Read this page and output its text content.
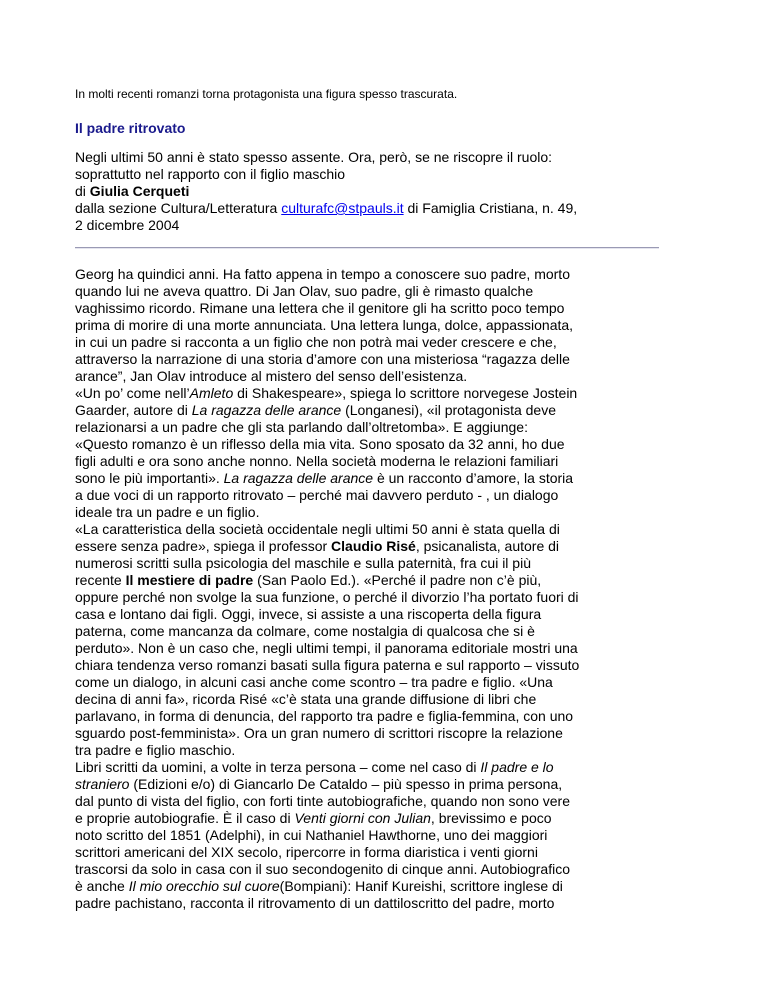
In molti recenti romanzi torna protagonista una figura spesso trascurata.
Il padre ritrovato
Negli ultimi 50 anni è stato spesso assente. Ora, però, se ne riscopre il ruolo:
soprattutto nel rapporto con il figlio maschio
di Giulia Cerqueti
dalla sezione Cultura/Letteratura culturafc@stpauls.it di Famiglia Cristiana, n. 49,
2 dicembre 2004
Georg ha quindici anni. Ha fatto appena in tempo a conoscere suo padre, morto
quando lui ne aveva quattro. Di Jan Olav, suo padre, gli è rimasto qualche
vaghissimo ricordo. Rimane una lettera che il genitore gli ha scritto poco tempo
prima di morire di una morte annunciata. Una lettera lunga, dolce, appassionata,
in cui un padre si racconta a un figlio che non potrà mai veder crescere e che,
attraverso la narrazione di una storia d’amore con una misteriosa “ragazza delle
arance”, Jan Olav introduce al mistero del senso dell’esistenza.
«Un po’ come nell’Amleto di Shakespeare», spiega lo scrittore norvegese Jostein
Gaarder, autore di La ragazza delle arance (Longanesi), «il protagonista deve
relazionarsi a un padre che gli sta parlando dall’oltretomba». E aggiunge:
«Questo romanzo è un riflesso della mia vita. Sono sposato da 32 anni, ho due
figli adulti e ora sono anche nonno. Nella società moderna le relazioni familiari
sono le più importanti». La ragazza delle arance è un racconto d’amore, la storia
a due voci di un rapporto ritrovato – perché mai davvero perduto - , un dialogo
ideale tra un padre e un figlio.
«La caratteristica della società occidentale negli ultimi 50 anni è stata quella di
essere senza padre», spiega il professor Claudio Risé, psicanalista, autore di
numerosi scritti sulla psicologia del maschile e sulla paternità, fra cui il più
recente Il mestiere di padre (San Paolo Ed.). «Perché il padre non c’è più,
oppure perché non svolge la sua funzione, o perché il divorzio l’ha portato fuori di
casa e lontano dai figli. Oggi, invece, si assiste a una riscoperta della figura
paterna, come mancanza da colmare, come nostalgia di qualcosa che si è
perduto». Non è un caso che, negli ultimi tempi, il panorama editoriale mostri una
chiara tendenza verso romanzi basati sulla figura paterna e sul rapporto – vissuto
come un dialogo, in alcuni casi anche come scontro – tra padre e figlio. «Una
decina di anni fa», ricorda Risé «c’è stata una grande diffusione di libri che
parlavano, in forma di denuncia, del rapporto tra padre e figlia-femmina, con uno
sguardo post-femminista». Ora un gran numero di scrittori riscopre la relazione
tra padre e figlio maschio.
Libri scritti da uomini, a volte in terza persona – come nel caso di Il padre e lo
straniero (Edizioni e/o) di Giancarlo De Cataldo – più spesso in prima persona,
dal punto di vista del figlio, con forti tinte autobiografiche, quando non sono vere
e proprie autobiografie. È il caso di Venti giorni con Julian, brevissimo e poco
noto scritto del 1851 (Adelphi), in cui Nathaniel Hawthorne, uno dei maggiori
scrittori americani del XIX secolo, ripercorre in forma diaristica i venti giorni
trascorsi da solo in casa con il suo secondogenito di cinque anni. Autobiografico
è anche Il mio orecchio sul cuore(Bompiani): Hanif Kureishi, scrittore inglese di
padre pachistano, racconta il ritrovamento di un dattiloscritto del padre, morto
